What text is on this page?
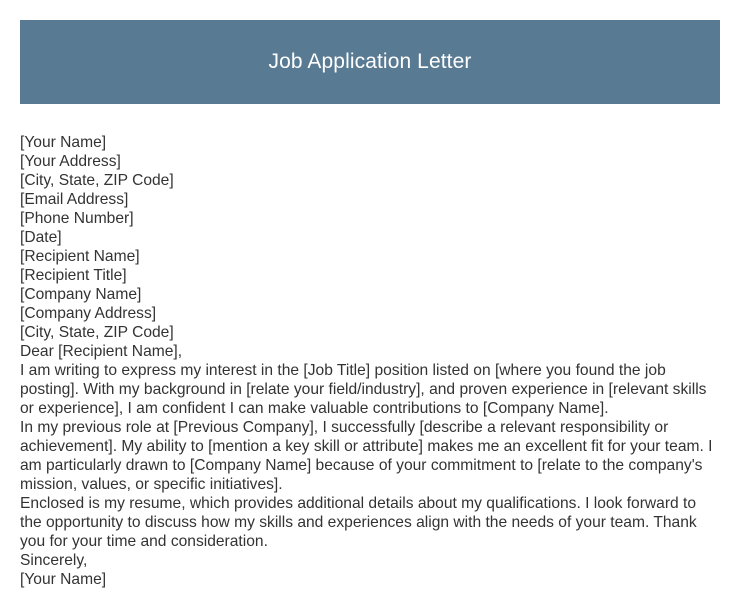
Job Application Letter
[Your Name]
[Your Address]
[City, State, ZIP Code]
[Email Address]
[Phone Number]
[Date]
[Recipient Name]
[Recipient Title]
[Company Name]
[Company Address]
[City, State, ZIP Code]
Dear [Recipient Name],

I am writing to express my interest in the [Job Title] position listed on [where you found the job posting]. With my background in [relate your field/industry], and proven experience in [relevant skills or experience], I am confident I can make valuable contributions to [Company Name].

In my previous role at [Previous Company], I successfully [describe a relevant responsibility or achievement]. My ability to [mention a key skill or attribute] makes me an excellent fit for your team. I am particularly drawn to [Company Name] because of your commitment to [relate to the company's mission, values, or specific initiatives].

Enclosed is my resume, which provides additional details about my qualifications. I look forward to the opportunity to discuss how my skills and experiences align with the needs of your team. Thank you for your time and consideration.

Sincerely,
[Your Name]
